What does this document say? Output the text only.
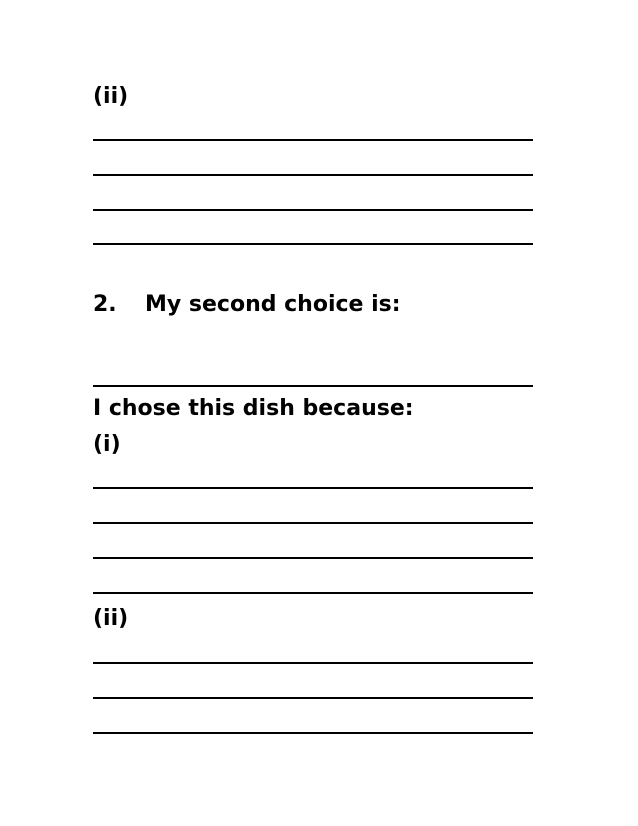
(ii)
2. My second choice is:
I chose this dish because:
(i)
(ii)
